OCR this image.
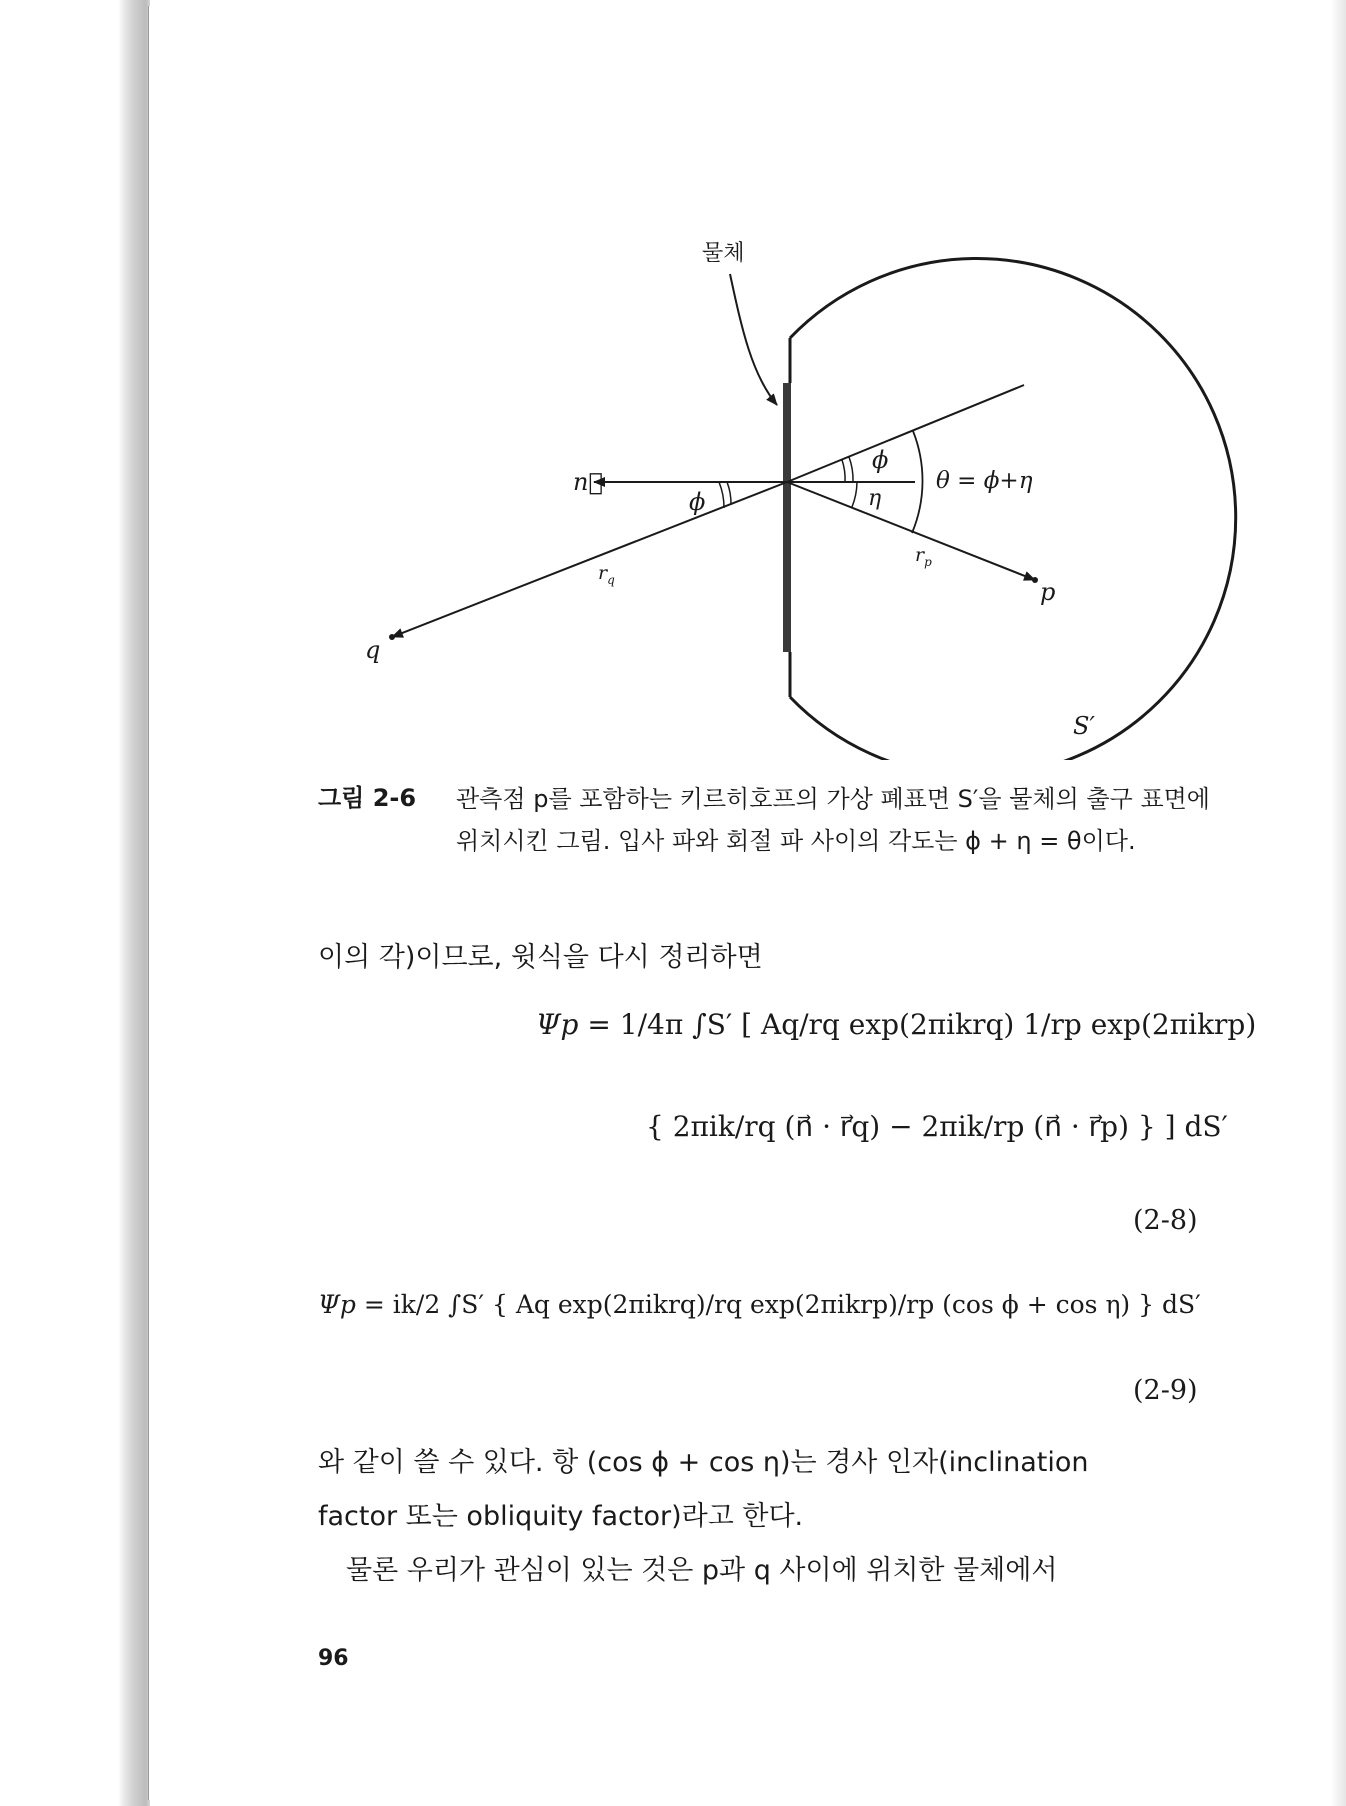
물체
n⃗
ϕ
ϕ
η
θ = ϕ+η
$r_q$
$r_p$
p
q
S′
그림 2-6 관측점 p를 포함하는 키르히호프의 가상 폐표면 S′을 물체의 출구 표면에 위치시킨 그림. 입사 파와 회절 파 사이의 각도는 ϕ + η = θ이다.
이의 각)이므로, 윗식을 다시 정리하면
Ψp = 1/4π ∫S′ [ Aq/rq exp(2πikrq) 1/rp exp(2πikrp)
{ 2πik/rq (n⃗ · r⃗q) − 2πik/rp (n⃗ · r⃗p) } ] dS′
(2-8)
Ψp = ik/2 ∫S′ { Aq exp(2πikrq)/rq exp(2πikrp)/rp (cos ϕ + cos η) } dS′
(2-9)
와 같이 쓸 수 있다. 항 (cos ϕ + cos η)는 경사 인자(inclination
factor 또는 obliquity factor)라고 한다.
물론 우리가 관심이 있는 것은 p과 q 사이에 위치한 물체에서
96
